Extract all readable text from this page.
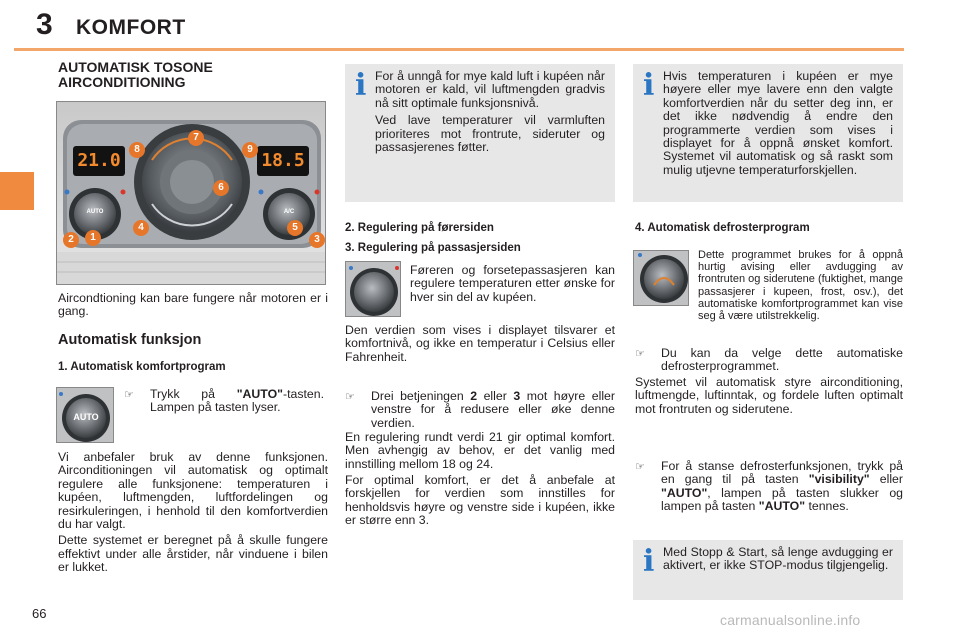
3 KOMFORT
AUTOMATISK TOSONE
AIRCONDITIONING
21.0	18.5
AUTO	A/C
1
2	3
4	5
6
7
8	9
Aircondtioning kan bare fungere når motoren er i gang.
Automatisk funksjon
1. Automatisk komfortprogram
AUTO
☞ Trykk på "AUTO"-tasten. Lampen på tasten lyser.

Vi anbefaler bruk av denne funksjonen. Airconditioningen vil automatisk og optimalt regulere alle funksjonene: temperaturen i kupéen, luftmengden, luftfordelingen og resirkuleringen, i henhold til den komfortverdien du har valgt.

Dette systemet er beregnet på å skulle fungere effektivt under alle årstider, når vinduene i bilen er lukket.

i For å unngå for mye kald luft i kupéen når motoren er kald, vil luftmengden gradvis nå sitt optimale funksjonsnivå.

Ved lave temperaturer vil varmluften prioriteres mot frontrute, sideruter og passasjerenes føtter.

2. Regulering på førersiden
3. Regulering på passasjersiden
Føreren og forsetepassasjeren kan regulere temperaturen etter ønske for hver sin del av kupéen.
Den verdien som vises i displayet tilsvarer et komfortnivå, og ikke en temperatur i Celsius eller Fahrenheit.
☞ Drei betjeningen 2 eller 3 mot høyre eller venstre for å redusere eller øke denne verdien.
En regulering rundt verdi 21 gir optimal komfort. Men avhengig av behov, er det vanlig med innstilling mellom 18 og 24.
For optimal komfort, er det å anbefale at forskjellen for verdien som innstilles for henholdsvis høyre og venstre side i kupéen, ikke er større enn 3.
i Hvis temperaturen i kupéen er mye høyere eller mye lavere enn den valgte komfortverdien når du setter deg inn, er det ikke nødvendig å endre den programmerte verdien som vises i displayet for å oppnå ønsket komfort. Systemet vil automatisk og så raskt som mulig utjevne temperaturforskjellen.
4. Automatisk defrosterprogram
Dette programmet brukes for å oppnå hurtig avising eller avdugging av frontruten og siderutene (fuktighet, mange passasjerer i kupeen, frost, osv.), det automatiske komfortprogrammet kan vise seg å være utilstrekkelig.
☞ Du kan da velge dette automatiske defrosterprogrammet.
Systemet vil automatisk styre airconditioning, luftmengde, luftinntak, og fordele luften optimalt mot frontruten og siderutene.
☞ For å stanse defrosterfunksjonen, trykk på en gang til på tasten "visibility" eller "AUTO", lampen på tasten slukker og lampen på tasten "AUTO" tennes.
i Med Stopp & Start, så lenge avdugging er aktivert, er ikke STOP-modus tilgjengelig.
66	carmanualsonline.info
